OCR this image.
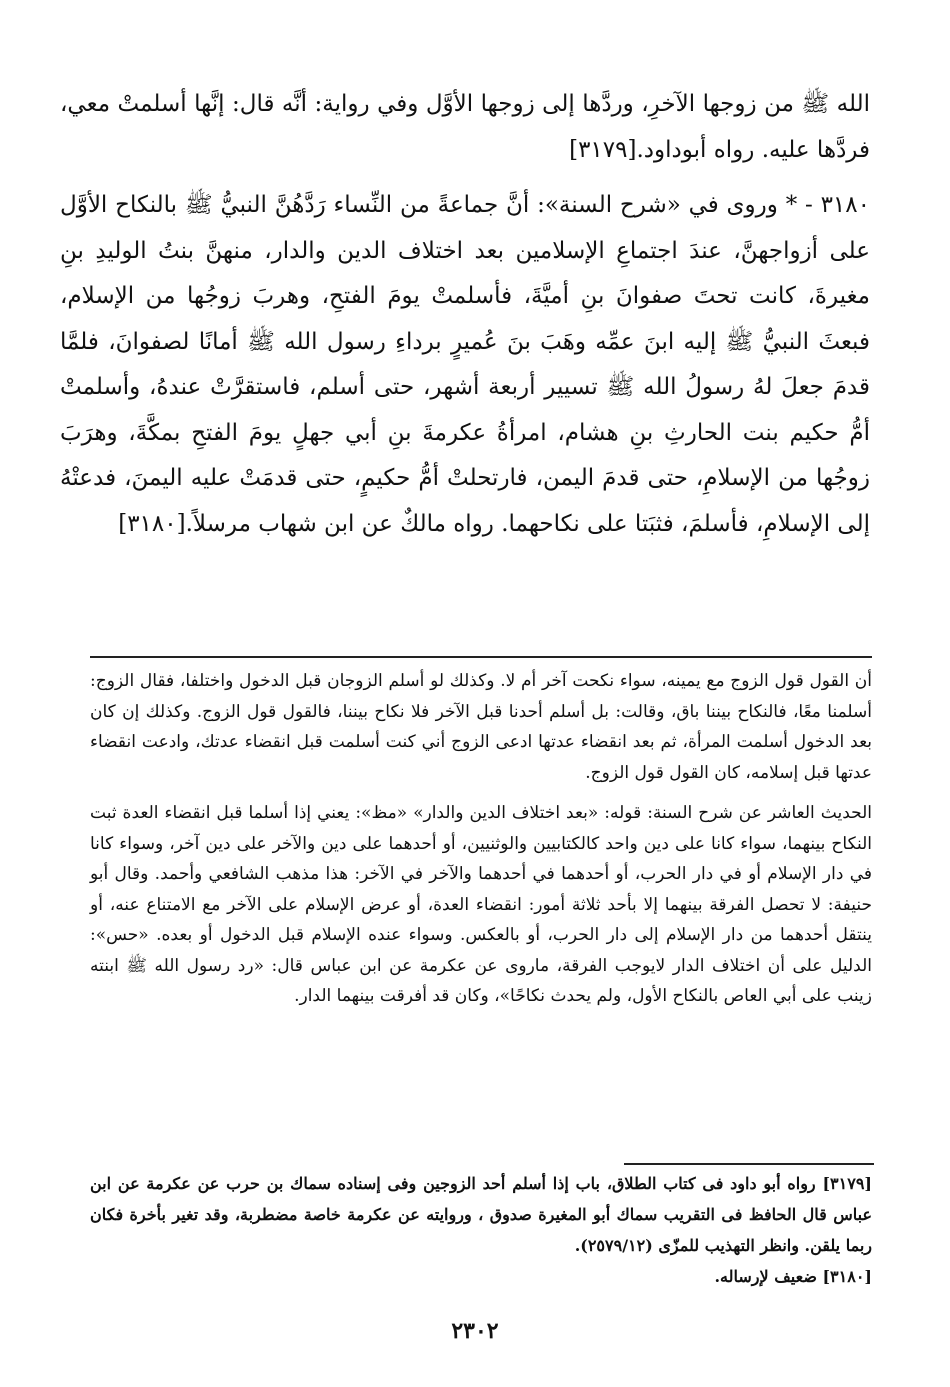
الله ﷺ من زوجها الآخرِ، وردَّها إلى زوجها الأوَّل وفي رواية: أنَّه قال: إنَّها أسلمتْ معي، فردَّها عليه. رواه أبوداود.[٣١٧٩]

٣١٨٠ - * وروى في «شرح السنة»: أنَّ جماعةً من النِّساء رَدَّهُنَّ النبيُّ ﷺ بالنكاح الأوَّل على أزواجهنَّ، عندَ اجتماعِ الإسلامين بعد اختلاف الدين والدار، منهنَّ بنتُ الوليدِ بنِ مغيرةَ، كانت تحتَ صفوانَ بنِ أميَّةَ، فأسلمتْ يومَ الفتحِ، وهربَ زوجُها من الإسلام، فبعثَ النبيُّ ﷺ إليه ابنَ عمِّه وهَبَ بنَ عُميرٍ برداءِ رسول الله ﷺ أمانًا لصفوانَ، فلمَّا قدمَ جعلَ لهُ رسولُ الله ﷺ تسيير أربعة أشهر، حتى أسلم، فاستقرَّتْ عندهُ، وأسلمتْ أمُّ حكيم بنت الحارثِ بنِ هشام، امرأةُ عكرمةَ بنِ أبي جهلٍ يومَ الفتحِ بمكَّةَ، وهرَبَ زوجُها من الإسلامِ، حتى قدمَ اليمن، فارتحلتْ أمُّ حكيمٍ، حتى قدمَتْ عليه اليمنَ، فدعتْهُ إلى الإسلامِ، فأسلمَ، فثبَتا على نكاحهما. رواه مالكٌ عن ابن شهاب مرسلاً.[٣١٨٠]

أن القول قول الزوج مع يمينه، سواء نكحت آخر أم لا. وكذلك لو أسلم الزوجان قبل الدخول واختلفا، فقال الزوج: أسلمنا معًا، فالنكاح بيننا باق، وقالت: بل أسلم أحدنا قبل الآخر فلا نكاح بيننا، فالقول قول الزوج. وكذلك إن كان بعد الدخول أسلمت المرأة، ثم بعد انقضاء عدتها ادعى الزوج أني كنت أسلمت قبل انقضاء عدتك، وادعت انقضاء عدتها قبل إسلامه، كان القول قول الزوج.

الحديث العاشر عن شرح السنة: قوله: «بعد اختلاف الدين والدار» «مظ»: يعني إذا أسلما قبل انقضاء العدة ثبت النكاح بينهما، سواء كانا على دين واحد كالكتابيين والوثنيين، أو أحدهما على دين والآخر على دين آخر، وسواء كانا في دار الإسلام أو في دار الحرب، أو أحدهما في أحدهما والآخر في الآخر: هذا مذهب الشافعي وأحمد. وقال أبو حنيفة: لا تحصل الفرقة بينهما إلا بأحد ثلاثة أمور: انقضاء العدة، أو عرض الإسلام على الآخر مع الامتناع عنه، أو ينتقل أحدهما من دار الإسلام إلى دار الحرب، أو بالعكس. وسواء عنده الإسلام قبل الدخول أو بعده. «حس»: الدليل على أن اختلاف الدار لايوجب الفرقة، ماروى عن عكرمة عن ابن عباس قال: «رد رسول الله ﷺ ابنته زينب على أبي العاص بالنكاح الأول، ولم يحدث نكاحًا»، وكان قد أفرقت بينهما الدار.

[٣١٧٩] رواه أبو داود فى كتاب الطلاق، باب إذا أسلم أحد الزوجين وفى إسناده سماك بن حرب عن عكرمة عن ابن عباس قال الحافظ فى التقريب سماك أبو المغيرة صدوق ، وروايته عن عكرمة خاصة مضطربة، وقد تغير بأخرة فكان ربما يلقن. وانظر التهذيب للمزّى (٢٥٧٩/١٢).

[٣١٨٠] ضعيف لإرساله.

٢٣٠٢
